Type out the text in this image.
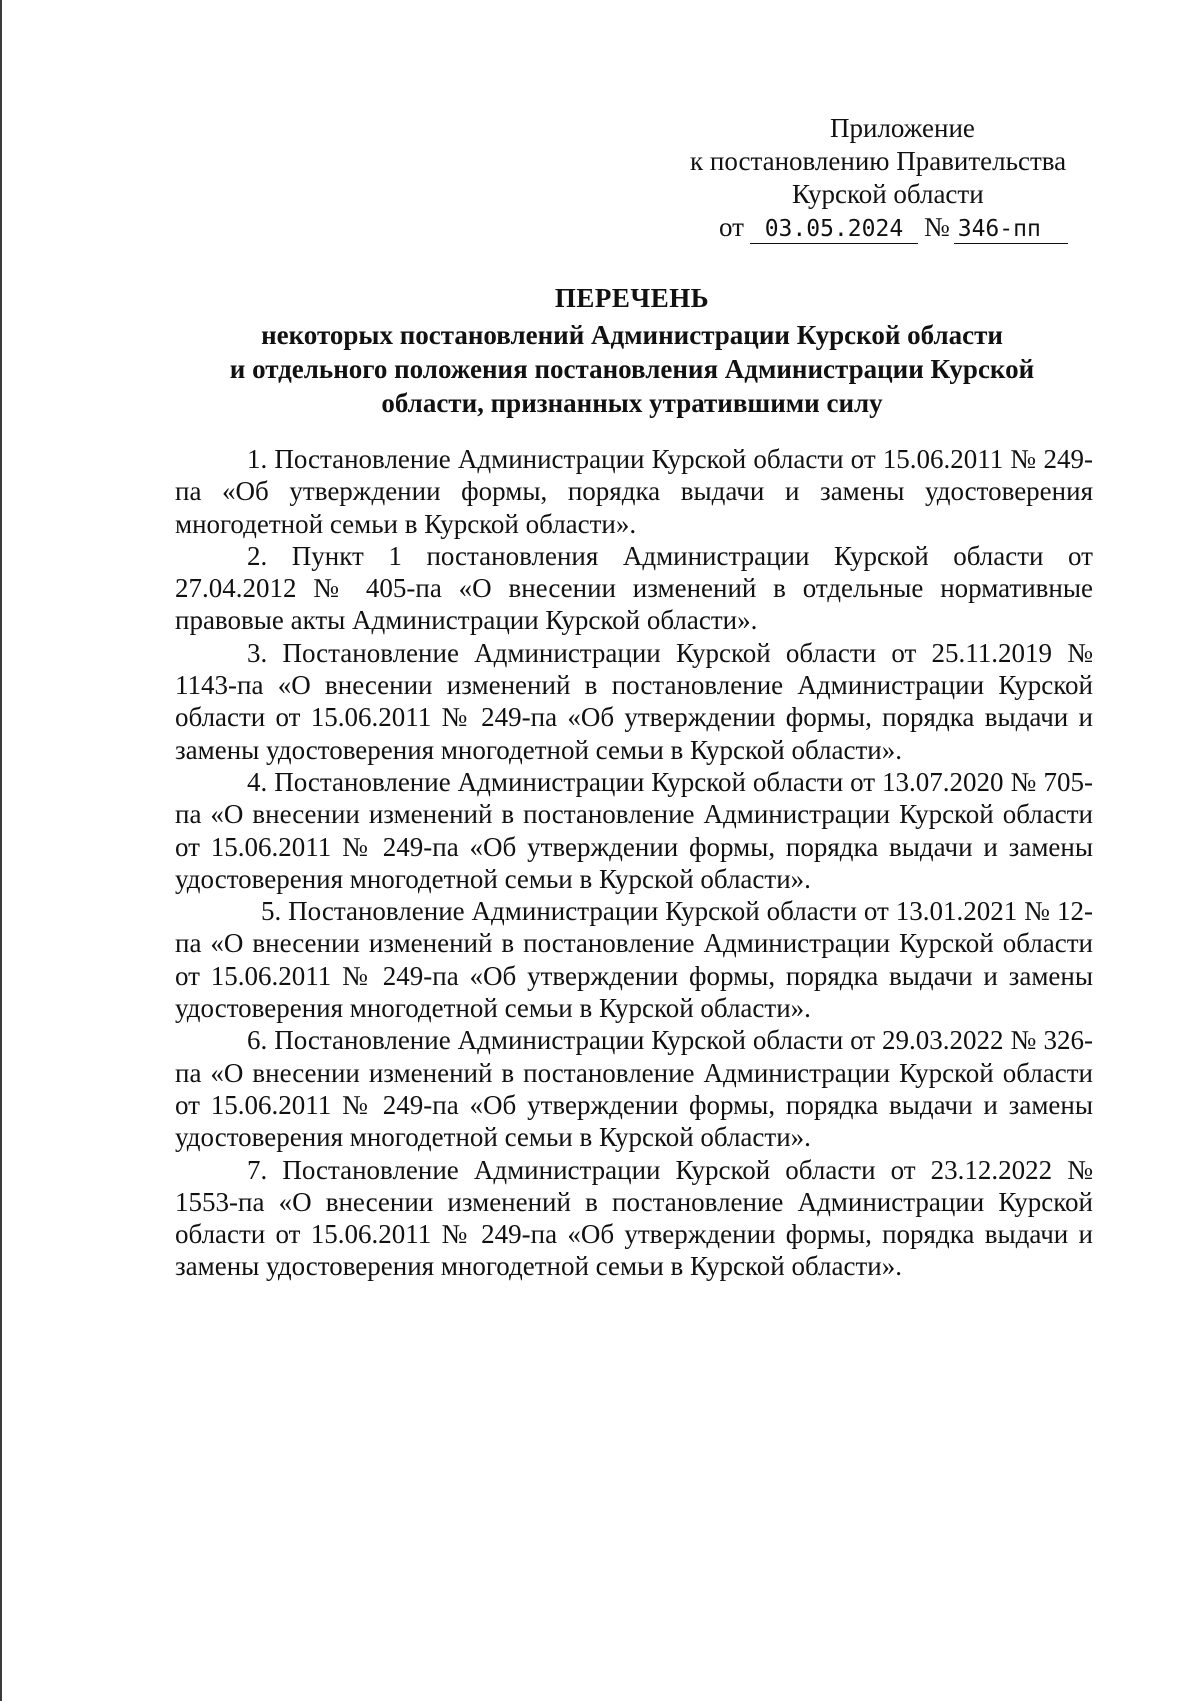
Приложение
к постановлению Правительства
Курской области
от 03.05.2024 № 346-пп
ПЕРЕЧЕНЬ
некоторых постановлений Администрации Курской области
и отдельного положения постановления Администрации Курской
области, признанных утратившими силу

1. Постановление Администрации Курской области от 15.06.2011 № 249-па «Об утверждении формы, порядка выдачи и замены удостоверения многодетной семьи в Курской области».

2. Пункт 1 постановления Администрации Курской области от 27.04.2012 № 405-па «О внесении изменений в отдельные нормативные правовые акты Администрации Курской области».

3. Постановление Администрации Курской области от 25.11.2019 № 1143-па «О внесении изменений в постановление Администрации Курской области от 15.06.2011 № 249-па «Об утверждении формы, порядка выдачи и замены удостоверения многодетной семьи в Курской области».

4. Постановление Администрации Курской области от 13.07.2020 № 705-па «О внесении изменений в постановление Администрации Курской области от 15.06.2011 № 249-па «Об утверждении формы, порядка выдачи и замены удостоверения многодетной семьи в Курской области».

5. Постановление Администрации Курской области от 13.01.2021 № 12-па «О внесении изменений в постановление Администрации Курской области от 15.06.2011 № 249-па «Об утверждении формы, порядка выдачи и замены удостоверения многодетной семьи в Курской области».

6. Постановление Администрации Курской области от 29.03.2022 № 326-па «О внесении изменений в постановление Администрации Курской области от 15.06.2011 № 249-па «Об утверждении формы, порядка выдачи и замены удостоверения многодетной семьи в Курской области».

7. Постановление Администрации Курской области от 23.12.2022 № 1553-па «О внесении изменений в постановление Администрации Курской области от 15.06.2011 № 249-па «Об утверждении формы, порядка выдачи и замены удостоверения многодетной семьи в Курской области».
